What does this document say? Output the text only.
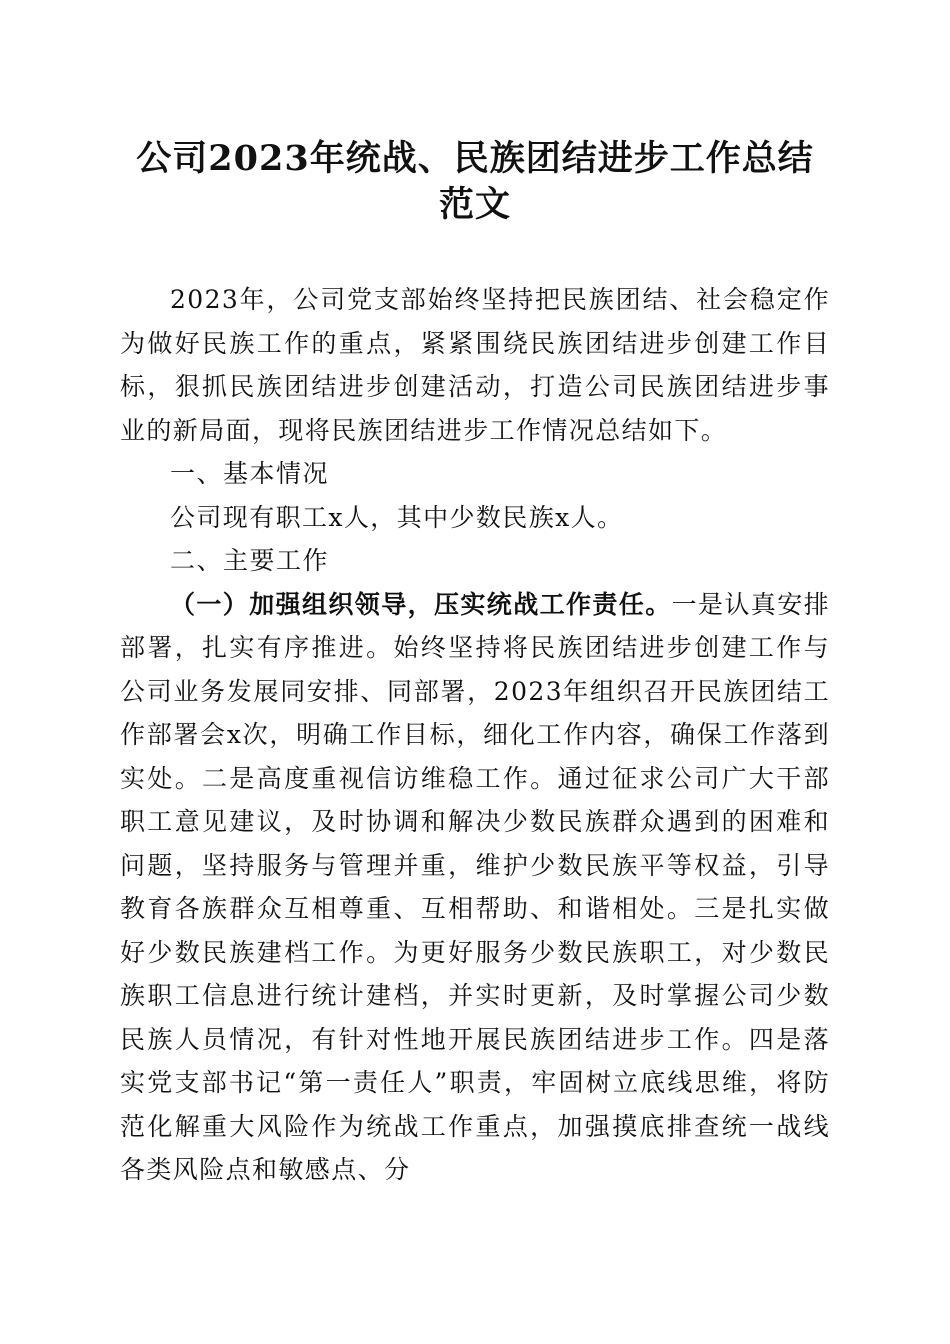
公司2023年统战、民族团结进步工作总结范文

2023年，公司党支部始终坚持把民族团结、社会稳定作为做好民族工作的重点，紧紧围绕民族团结进步创建工作目标，狠抓民族团结进步创建活动，打造公司民族团结进步事业的新局面，现将民族团结进步工作情况总结如下。

一、基本情况

公司现有职工x人，其中少数民族x人。

二、主要工作

（一）加强组织领导，压实统战工作责任。一是认真安排部署，扎实有序推进。始终坚持将民族团结进步创建工作与公司业务发展同安排、同部署，2023年组织召开民族团结工作部署会x次，明确工作目标，细化工作内容，确保工作落到实处。二是高度重视信访维稳工作。通过征求公司广大干部职工意见建议，及时协调和解决少数民族群众遇到的困难和问题，坚持服务与管理并重，维护少数民族平等权益，引导教育各族群众互相尊重、互相帮助、和谐相处。三是扎实做好少数民族建档工作。为更好服务少数民族职工，对少数民族职工信息进行统计建档，并实时更新，及时掌握公司少数民族人员情况，有针对性地开展民族团结进步工作。四是落实党支部书记“第一责任人”职责，牢固树立底线思维，将防范化解重大风险作为统战工作重点，加强摸底排查统一战线各类风险点和敏感点、分
